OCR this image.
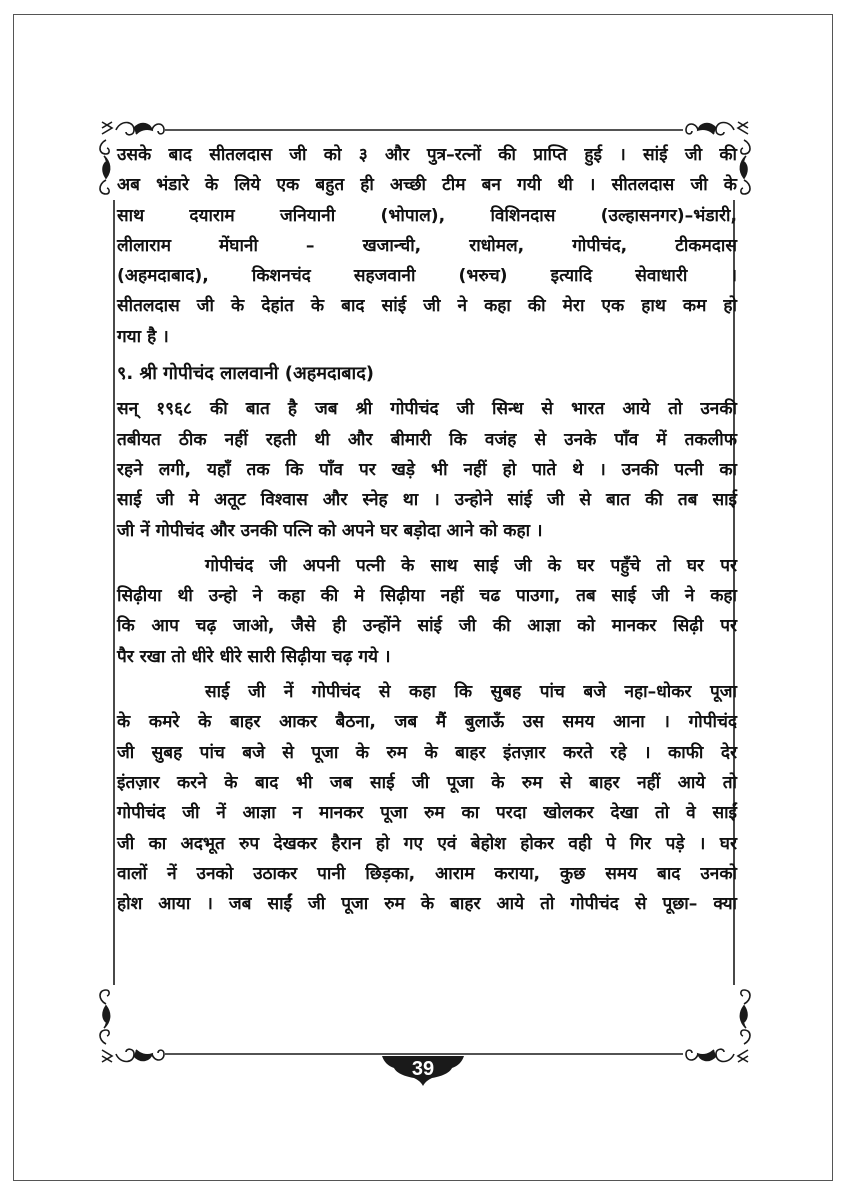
39

उसके बाद सीतलदास जी को ३ और पुत्र–रत्नों की प्राप्ति हुई । सांई जी की
अब भंडारे के लिये एक बहुत ही अच्छी टीम बन गयी थी । सीतलदास जी के
साथ दयाराम जनियानी (भोपाल), विशिनदास (उल्हासनगर)–भंडारी,
लीलाराम मेंघानी – खजान्ची, राधोमल, गोपीचंद, टीकमदास
(अहमदाबाद), किशनचंद सहजवानी (भरुच) इत्यादि सेवाधारी ।
सीतलदास जी के देहांत के बाद सांई जी ने कहा की मेरा एक हाथ कम हो
गया है ।

९. श्री गोपीचंद लालवानी (अहमदाबाद)

सन् १९६८ की बात है जब श्री गोपीचंद जी सिन्ध से भारत आये तो उनकी
तबीयत ठीक नहीं रहती थी और बीमारी कि वजंह से उनके पाँव में तकलीफ
रहने लगी, यहाँ तक कि पाँव पर खड़े भी नहीं हो पाते थे । उनकी पत्नी का
साई जी मे अतूट विश्वास और स्नेह था । उन्होने सांई जी से बात की तब साई
जी नें गोपीचंद और उनकी पत्नि को अपने घर बड़ोदा आने को कहा ।

गोपीचंद जी अपनी पत्नी के साथ साई जी के घर पहुँचे तो घर पर
सिढ़ीया थी उन्हो ने कहा की मे सिढ़ीया नहीं चढ पाउगा, तब साई जी ने कहा
कि आप चढ़ जाओ, जैसे ही उन्होंने सांई जी की आज्ञा को मानकर सिढ़ी पर
पैर रखा तो धीरे धीरे सारी सिढ़ीया चढ़ गये ।

साई जी नें गोपीचंद से कहा कि सुबह पांच बजे नहा–धोकर पूजा
के कमरे के बाहर आकर बैठना, जब मैं बुलाऊँ उस समय आना । गोपीचंद
जी सुबह पांच बजे से पूजा के रुम के बाहर इंतज़ार करते रहे । काफी देर
इंतज़ार करने के बाद भी जब साई जी पूजा के रुम से बाहर नहीं आये तो
गोपीचंद जी नें आज्ञा न मानकर पूजा रुम का परदा खोलकर देखा तो वे साईं
जी का अदभूत रुप देखकर हैरान हो गए एवं बेहोश होकर वही पे गिर पड़े । घर
वालों नें उनको उठाकर पानी छिड़का, आराम कराया, कुछ समय बाद उनको
होश आया । जब साईं जी पूजा रुम के बाहर आये तो गोपीचंद से पूछा– क्या
